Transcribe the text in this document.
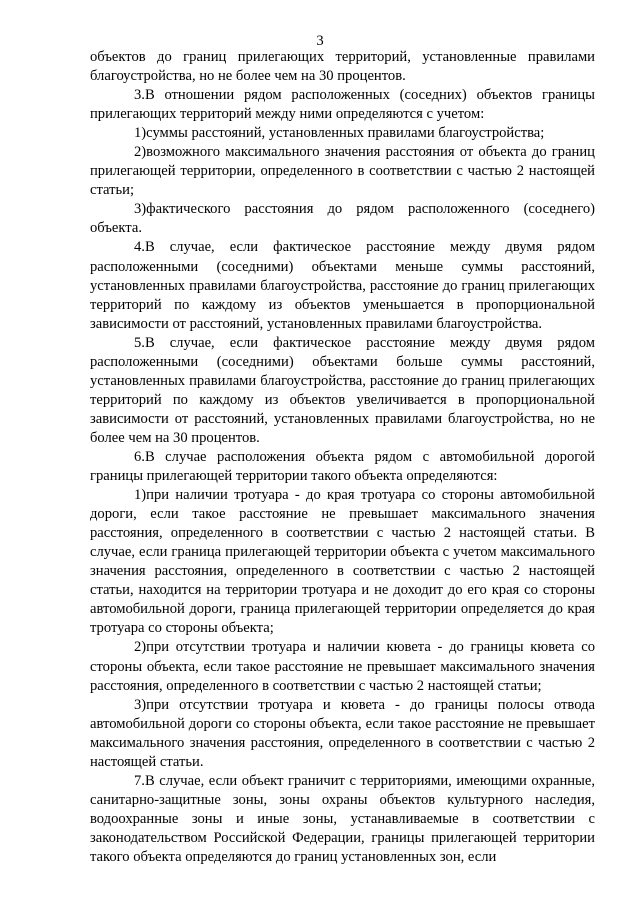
3

объектов до границ прилегающих территорий, установленные правилами благоустройства, но не более чем на 30 процентов.

3.В отношении рядом расположенных (соседних) объектов границы прилегающих территорий между ними определяются с учетом:

1)суммы расстояний, установленных правилами благоустройства;

2)возможного максимального значения расстояния от объекта до границ прилегающей территории, определенного в соответствии с частью 2 настоящей статьи;

3)фактического расстояния до рядом расположенного (соседнего) объекта.

4.В случае, если фактическое расстояние между двумя рядом расположенными (соседними) объектами меньше суммы расстояний, установленных правилами благоустройства, расстояние до границ прилегающих территорий по каждому из объектов уменьшается в пропорциональной зависимости от расстояний, установленных правилами благоустройства.

5.В случае, если фактическое расстояние между двумя рядом расположенными (соседними) объектами больше суммы расстояний, установленных правилами благоустройства, расстояние до границ прилегающих территорий по каждому из объектов увеличивается в пропорциональной зависимости от расстояний, установленных правилами благоустройства, но не более чем на 30 процентов.

6.В случае расположения объекта рядом с автомобильной дорогой границы прилегающей территории такого объекта определяются:

1)при наличии тротуара - до края тротуара со стороны автомобильной дороги, если такое расстояние не превышает максимального значения расстояния, определенного в соответствии с частью 2 настоящей статьи. В случае, если граница прилегающей территории объекта с учетом максимального значения расстояния, определенного в соответствии с частью 2 настоящей статьи, находится на территории тротуара и не доходит до его края со стороны автомобильной дороги, граница прилегающей территории определяется до края тротуара со стороны объекта;

2)при отсутствии тротуара и наличии кювета - до границы кювета со стороны объекта, если такое расстояние не превышает максимального значения расстояния, определенного в соответствии с частью 2 настоящей статьи;

3)при отсутствии тротуара и кювета - до границы полосы отвода автомобильной дороги со стороны объекта, если такое расстояние не превышает максимального значения расстояния, определенного в соответствии с частью 2 настоящей статьи.

7.В случае, если объект граничит с территориями, имеющими охранные, санитарно-защитные зоны, зоны охраны объектов культурного наследия, водоохранные зоны и иные зоны, устанавливаемые в соответствии с законодательством Российской Федерации, границы прилегающей территории такого объекта определяются до границ установленных зон, если
